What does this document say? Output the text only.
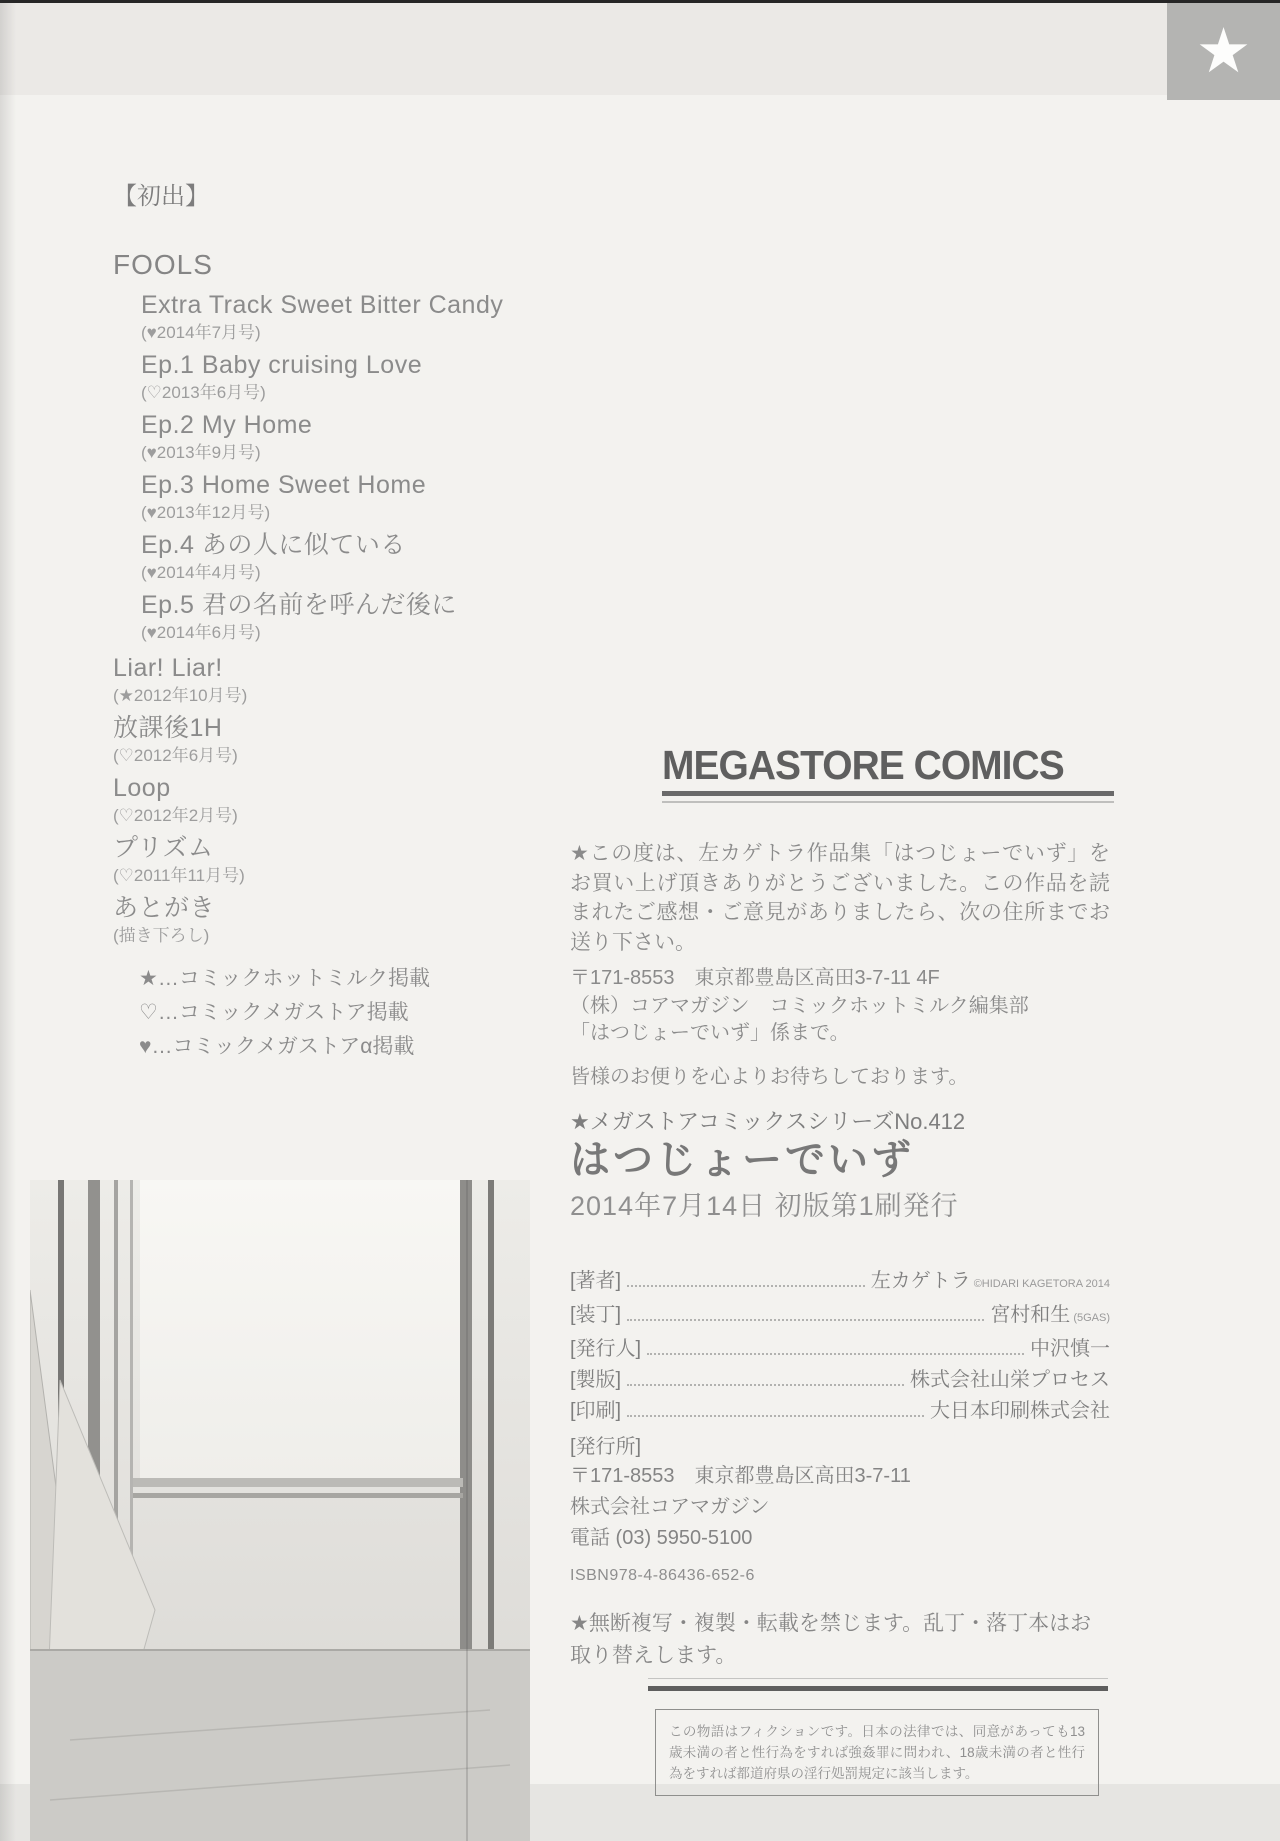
★
【初出】
FOOLS
Extra Track Sweet Bitter Candy
(♥2014年7月号)
Ep.1 Baby cruising Love
(♡2013年6月号)
Ep.2 My Home
(♥2013年9月号)
Ep.3 Home Sweet Home
(♥2013年12月号)
Ep.4 あの人に似ている
(♥2014年4月号)
Ep.5 君の名前を呼んだ後に
(♥2014年6月号)
Liar! Liar!
(★2012年10月号)
放課後1H
(♡2012年6月号)
Loop
(♡2012年2月号)
プリズム
(♡2011年11月号)
あとがき
(描き下ろし)
★…コミックホットミルク掲載
♡…コミックメガストア掲載
♥…コミックメガストアα掲載
MEGASTORE COMICS
★この度は、左カゲトラ作品集「はつじょーでいず」をお買い上げ頂きありがとうございました。この作品を読まれたご感想・ご意見がありましたら、次の住所までお送り下さい。
〒171-8553　東京都豊島区高田3-7-11 4F
（株）コアマガジン　コミックホットミルク編集部
「はつじょーでいず」係まで。
皆様のお便りを心よりお待ちしております。
★メガストアコミックスシリーズNo.412
はつじょーでいず
2014年7月14日 初版第1刷発行
[著者]	左カゲトラ ©HIDARI KAGETORA 2014
[装丁]	宮村和生 (5GAS)
[発行人]	中沢慎一
[製版]	株式会社山栄プロセス
[印刷]	大日本印刷株式会社
[発行所]
〒171-8553　東京都豊島区高田3-7-11
株式会社コアマガジン
電話 (03) 5950-5100
ISBN978-4-86436-652-6
★無断複写・複製・転載を禁じます。乱丁・落丁本はお取り替えします。
この物語はフィクションです。日本の法律では、同意があっても13歳未満の者と性行為をすれば強姦罪に問われ、18歳未満の者と性行為をすれば都道府県の淫行処罰規定に該当します。
